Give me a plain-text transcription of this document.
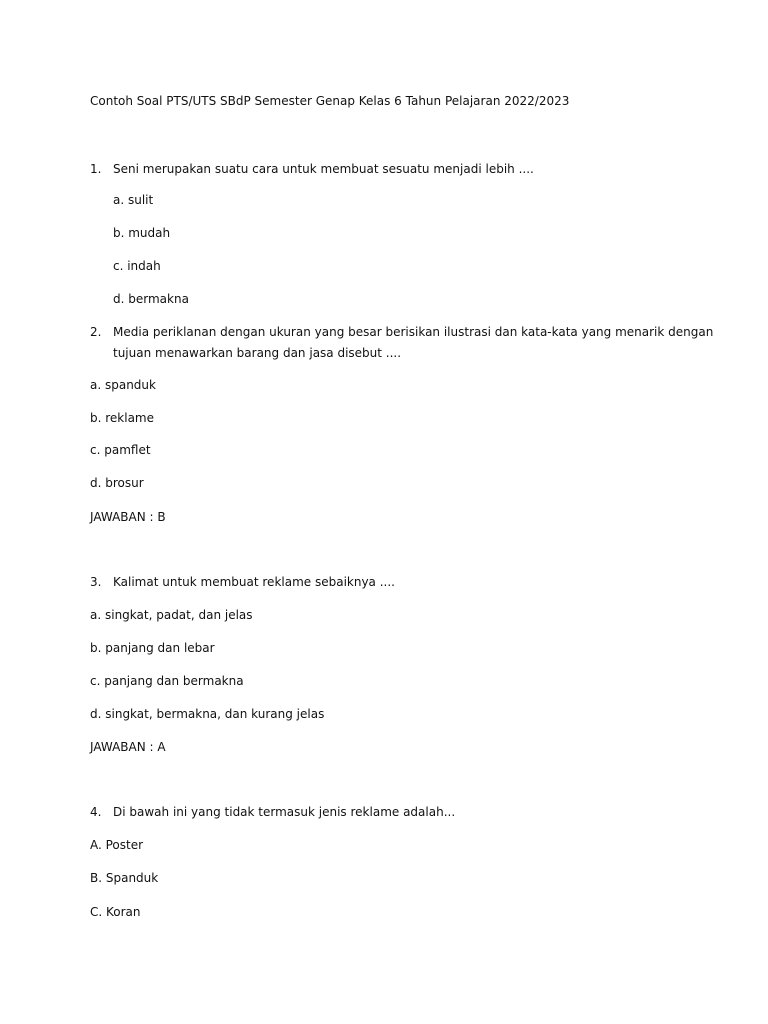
Contoh Soal PTS/UTS SBdP Semester Genap Kelas 6 Tahun Pelajaran 2022/2023
1. Seni merupakan suatu cara untuk membuat sesuatu menjadi lebih ....
a. sulit
b. mudah
c. indah
d. bermakna
2. Media periklanan dengan ukuran yang besar berisikan ilustrasi dan kata-kata yang menarik dengan
tujuan menawarkan barang dan jasa disebut ....
a. spanduk
b. reklame
c. pamflet
d. brosur
JAWABAN : B
3. Kalimat untuk membuat reklame sebaiknya ....
a. singkat, padat, dan jelas
b. panjang dan lebar
c. panjang dan bermakna
d. singkat, bermakna, dan kurang jelas
JAWABAN : A
4. Di bawah ini yang tidak termasuk jenis reklame adalah...
A. Poster
B. Spanduk
C. Koran
